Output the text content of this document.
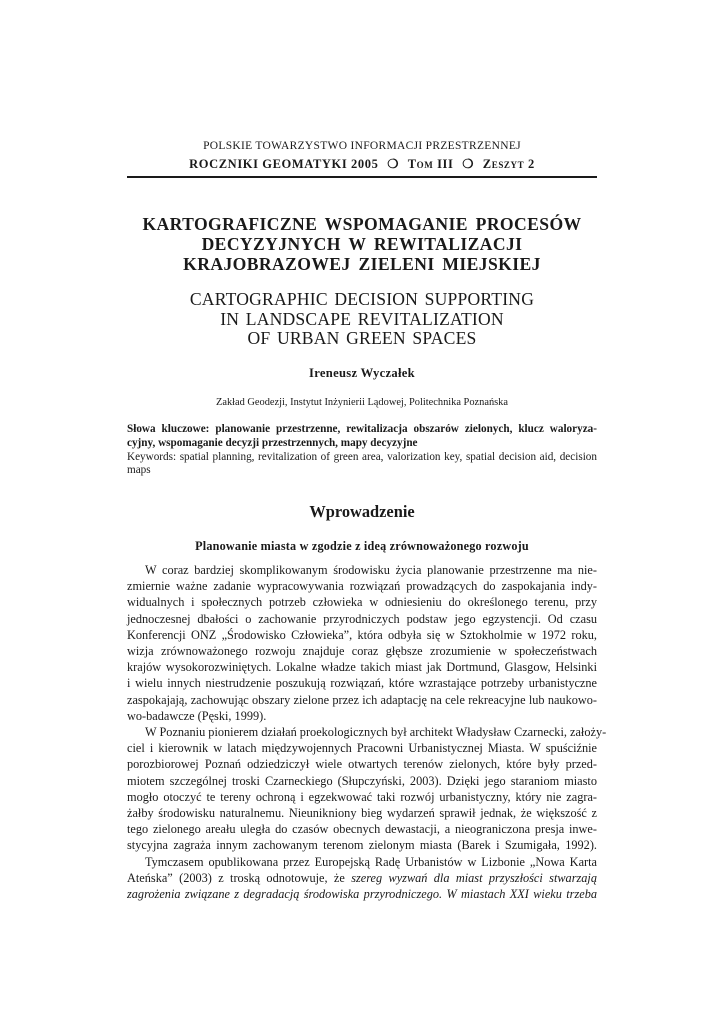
POLSKIE TOWARZYSTWO INFORMACJI PRZESTRZENNEJ
ROCZNIKI GEOMATYKI 2005 ❍ Tom III ❍ Zeszyt 2
KARTOGRAFICZNE WSPOMAGANIE PROCESÓW
DECYZYJNYCH W REWITALIZACJI
KRAJOBRAZOWEJ ZIELENI MIEJSKIEJ
CARTOGRAPHIC DECISION SUPPORTING
IN LANDSCAPE REVITALIZATION
OF URBAN GREEN SPACES
Ireneusz Wyczałek
Zakład Geodezji, Instytut Inżynierii Lądowej, Politechnika Poznańska

Słowa kluczowe: planowanie przestrzenne, rewitalizacja obszarów zielonych, klucz waloryza-cyjny, wspomaganie decyzji przestrzennych, mapy decyzyjne

Keywords: spatial planning, revitalization of green area, valorization key, spatial decision aid, decision maps

Wprowadzenie
Planowanie miasta w zgodzie z ideą zrównoważonego rozwoju
W coraz bardziej skomplikowanym środowisku życia planowanie przestrzenne ma nie-
zmiernie ważne zadanie wypracowywania rozwiązań prowadzących do zaspokajania indy-
widualnych i społecznych potrzeb człowieka w odniesieniu do określonego terenu, przy
jednoczesnej dbałości o zachowanie przyrodniczych podstaw jego egzystencji. Od czasu
Konferencji ONZ „Środowisko Człowieka”, która odbyła się w Sztokholmie w 1972 roku,
wizja zrównoważonego rozwoju znajduje coraz głębsze zrozumienie w społeczeństwach
krajów wysokorozwiniętych. Lokalne władze takich miast jak Dortmund, Glasgow, Helsinki
i wielu innych niestrudzenie poszukują rozwiązań, które wzrastające potrzeby urbanistyczne
zaspokajają, zachowując obszary zielone przez ich adaptację na cele rekreacyjne lub naukowo-
wo-badawcze (Pęski, 1999).
W Poznaniu pionierem działań proekologicznych był architekt Władysław Czarnecki, założy-
ciel i kierownik w latach międzywojennych Pracowni Urbanistycznej Miasta. W spuściźnie
porozbiorowej Poznań odziedziczył wiele otwartych terenów zielonych, które były przed-
miotem szczególnej troski Czarneckiego (Słupczyński, 2003). Dzięki jego staraniom miasto
mogło otoczyć te tereny ochroną i egzekwować taki rozwój urbanistyczny, który nie zagra-
żałby środowisku naturalnemu. Nieunikniony bieg wydarzeń sprawił jednak, że większość z
tego zielonego areału uległa do czasów obecnych dewastacji, a nieograniczona presja inwe-
stycyjna zagraża innym zachowanym terenom zielonym miasta (Barek i Szumigała, 1992).
Tymczasem opublikowana przez Europejską Radę Urbanistów w Lizbonie „Nowa Karta
Ateńska” (2003) z troską odnotowuje, że szereg wyzwań dla miast przyszłości stwarzają
zagrożenia związane z degradacją środowiska przyrodniczego. W miastach XXI wieku trzeba
